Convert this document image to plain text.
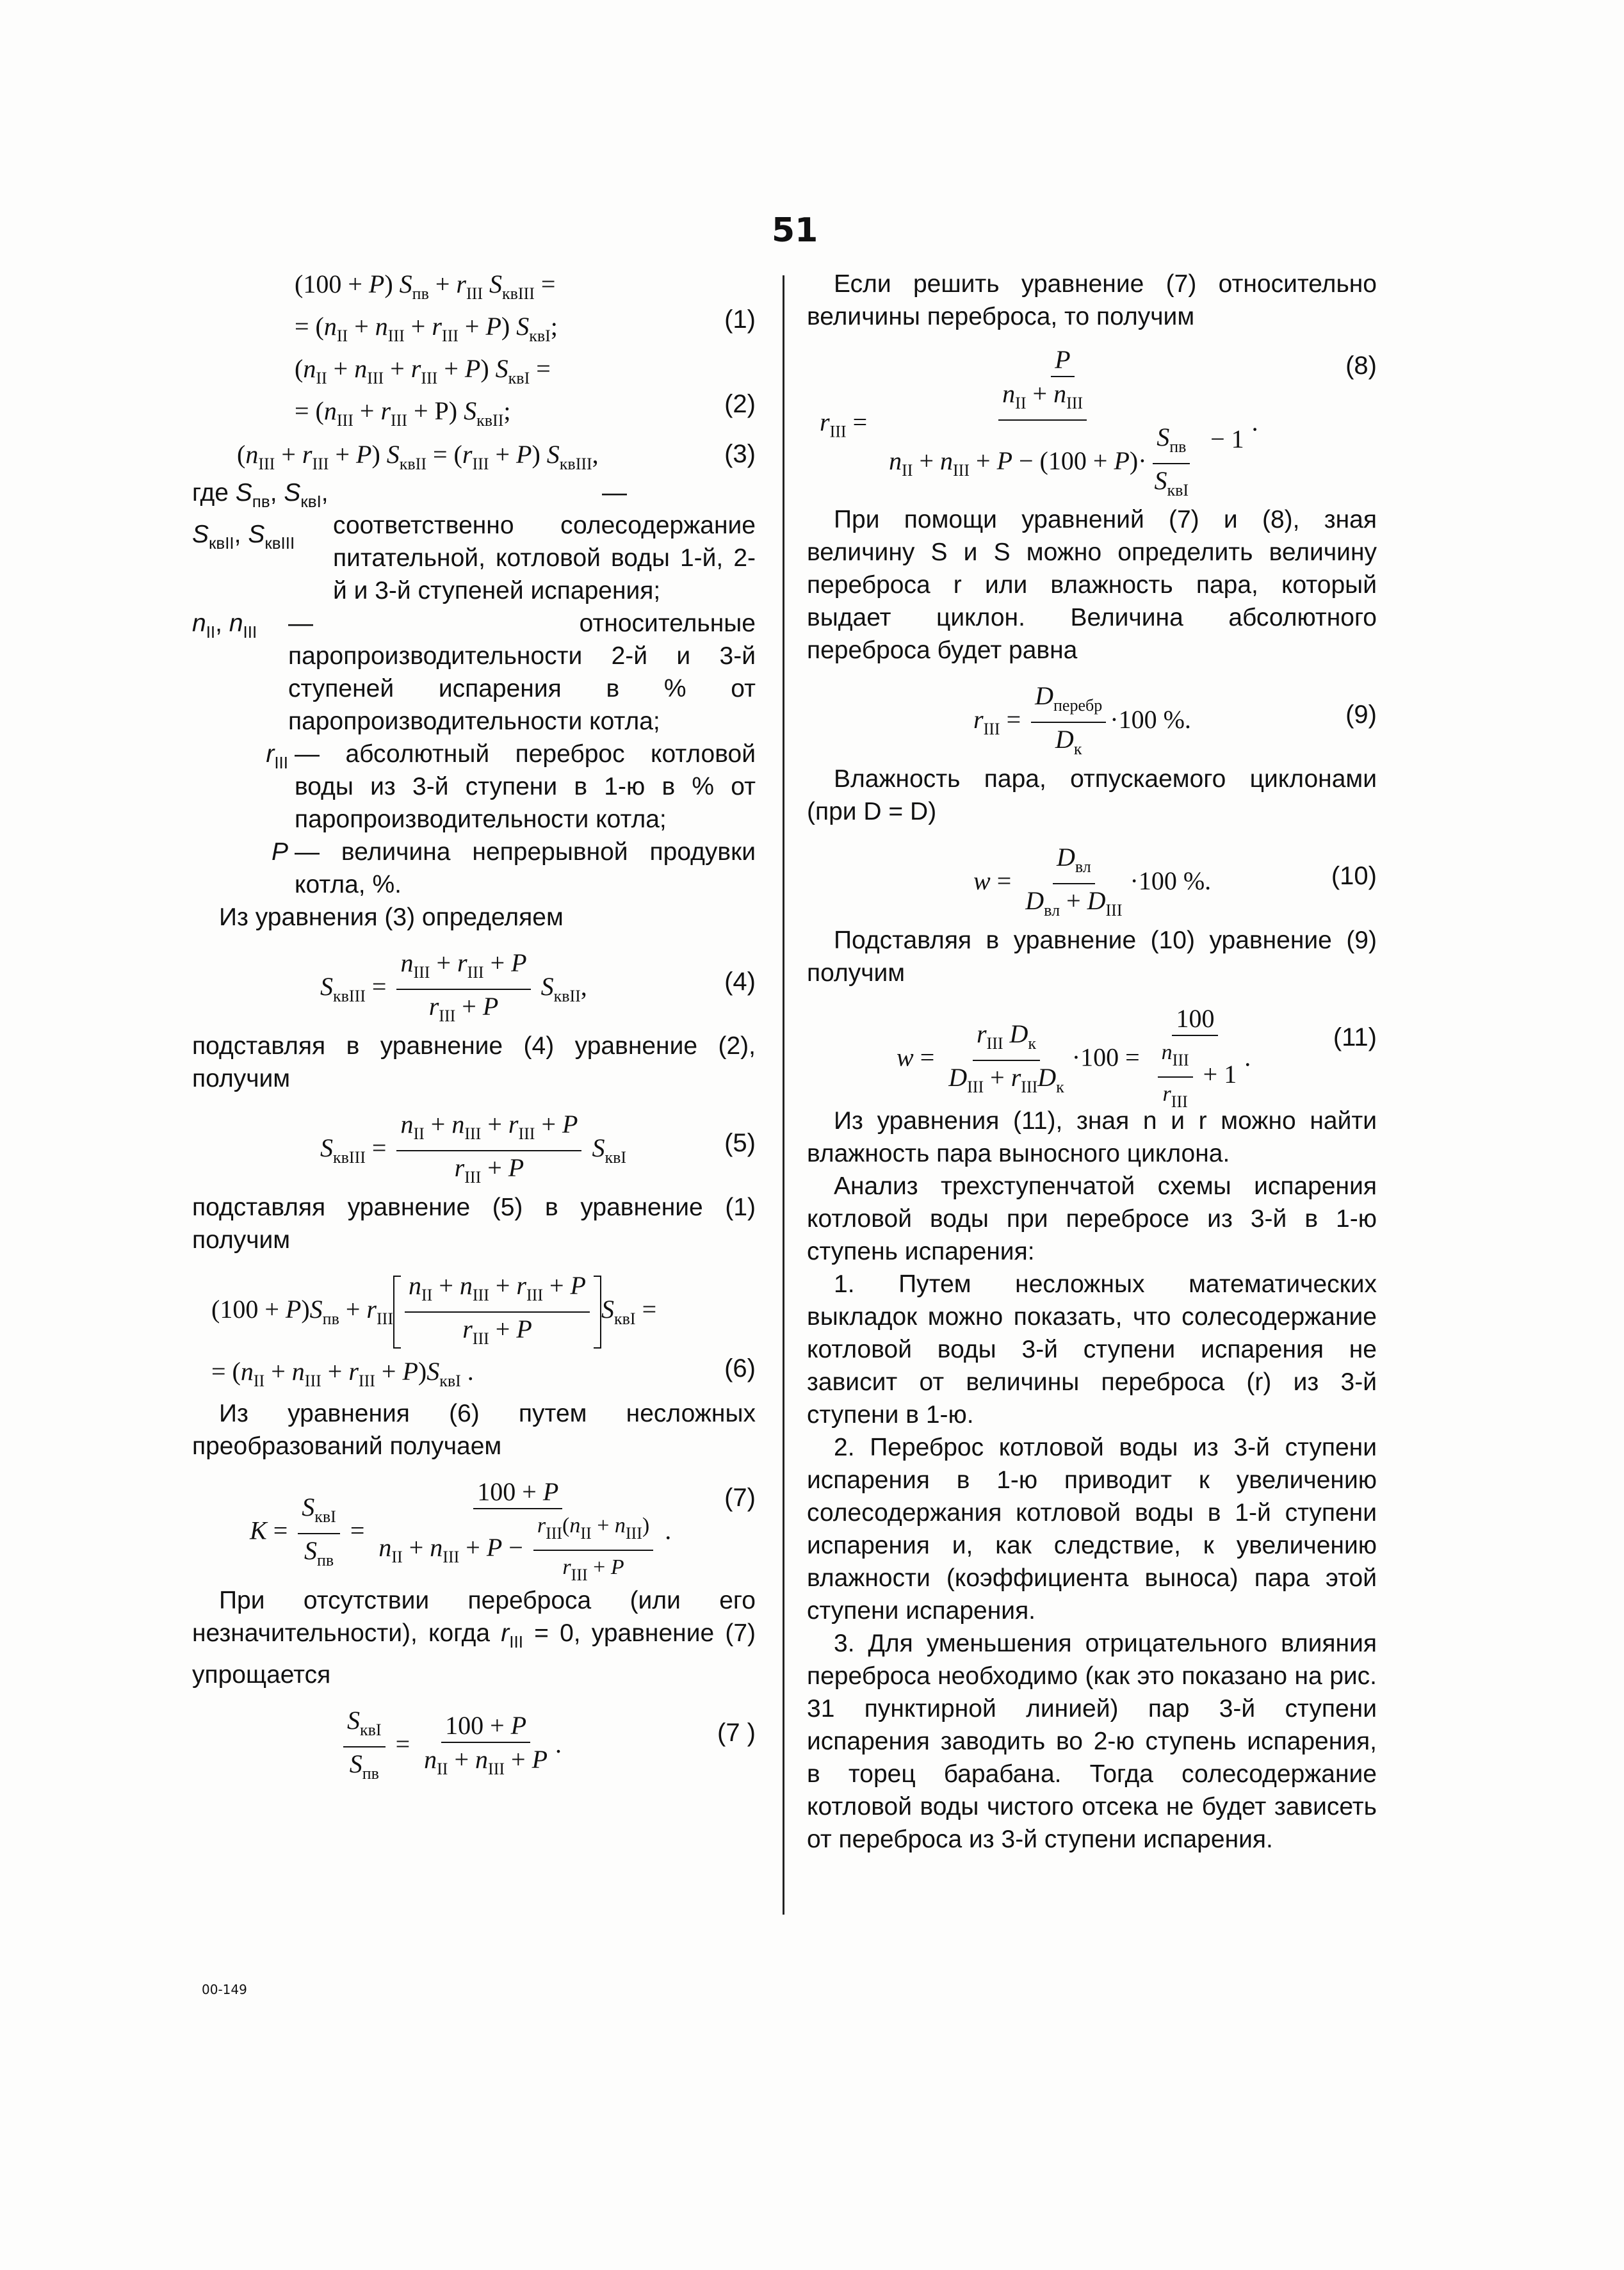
51
(100 + P) $S_{пв} + r_{III}$ $S_{квIII}$ =
= $(n_{II} + n_{III} + r_{III} + P)$ $S_{квI}$;	(1)
$(n_{II} + n_{III} + r_{III} + P) S_{квI}$ =
= $(n_{III} + r_{III} + P)$ $S_{квII}$;	(2)
$(n_{III} + r_{III} + P) S_{квII} = (r_{III} + P)$ $S_{квIII}$,	(3)
где $S_{пв}$, $S_{квI}$, $S_{квII}$, $S_{квIII}$

— соответственно солесодержание питательной, котловой воды 1-й, 2-й и 3-й ступеней испарения;

$n_{II}$, $n_{III}$	— относительные паропроизводительности 2-й и 3-й ступеней испарения в % от паропроизводительности котла;

$r_{III}$ — абсолютный переброс котловой воды из 3-й ступени в 1-ю в % от паропроизводительности котла;

P — величина непрерывной продувки котла, %.

Из уравнения (3) определяем

$S_{квIII} = \frac{n_{III} + r_{III} + P}{r_{III} + P} S_{квII}$,	(4)

подставляя в уравнение (4) уравнение (2), получим

$S_{квIII} = \frac{n_{II} + n_{III} + r_{III} + P}{r_{III} + P} S_{квI}$
(5)

подставляя уравнение (5) в уравнение (1) получим

$(100 + P)S_{пв} + r_{III} \frac{n_{II} + n_{III} + r_{III} + P}{r_{III} + P} S_{квI}$ =
= $(n_{II} + n_{III} + r_{III} + P)S_{квI}$ .	(6)

Из уравнения (6) путем несложных преобразований получаем

$K = \frac{S_{квI}}{S_{пв}} = \frac{100 + P}{n_{II} + n_{III} + P - \frac{r_{III}(n_{II} + n_{III})}{r_{III} + P}}$ .
(7)

При отсутствии переброса (или его незначительности), когда $r_{III} = 0$, уравнение (7) упрощается

$\frac{S_{квI}}{S_{пв}} = \frac{100 + P}{n_{II} + n_{III} + P}$ .	(7 )

Если решить уравнение (7) относительно величины переброса, то получим

$r_{III} = \frac{P}{\frac{n_{II} + n_{III}}{n_{II} + n_{III} + P - (100 + P)\cdot \frac{S_{пв}}{S_{квI}}} - 1}$ .
(8)

При помощи уравнений (7) и (8), зная величину S и S можно определить величину переброса r или влажность пара, который выдает циклон. Величина абсолютного переброса будет равна

$r_{III} = \frac{D_{перебр}}{D_к} \cdot 100$ %.	(9)

Влажность пара, отпускаемого циклонами (при D = D)

$w = \frac{D_{вл}}{D_{вл} + D_{III}} \cdot 100$ %.	(10)

Подставляя в уравнение (10) уравнение (9) получим

$w = \frac{r_{III} D_к}{D_{III} + r_{III}D_к} \cdot 100 = \frac{100}{\frac{n_{III}}{r_{III}} + 1}$ .
(11)

Из уравнения (11), зная n и r можно найти влажность пара выносного циклона.

Анализ трехступенчатой схемы испарения котловой воды при перебросе из 3-й в 1-ю ступень испарения:

1. Путем несложных математических выкладок можно показать, что солесодержание котловой воды 3-й ступени испарения не зависит от величины переброса (r) из 3-й ступени в 1-ю.

2. Переброс котловой воды из 3-й ступени испарения в 1-ю приводит к увеличению солесодержания котловой воды в 1-й ступени испарения и, как следствие, к увеличению влажности (коэффициента выноса) пара этой ступени испарения.

3. Для уменьшения отрицательного влияния переброса необходимо (как это показано на рис. 31 пунктирной линией) пар 3-й ступени испарения заводить во 2-ю ступень испарения, в торец барабана. Тогда солесодержание котловой воды чистого отсека не будет зависеть от переброса из 3-й ступени испарения.

00-149
